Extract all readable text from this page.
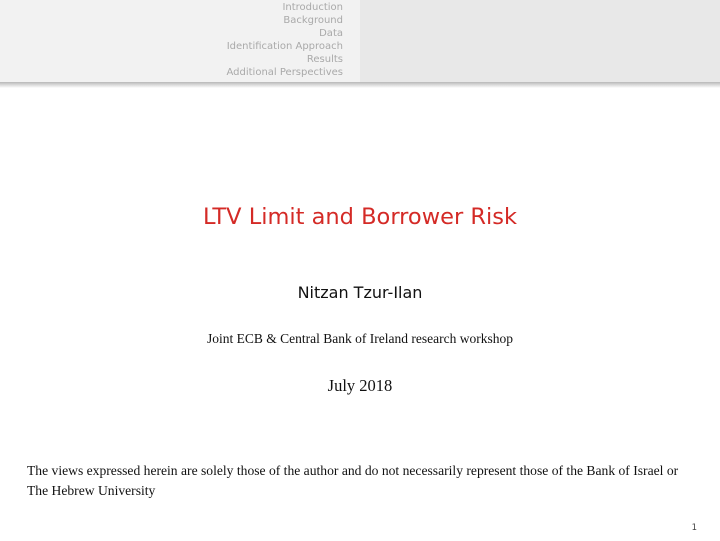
Introduction
Background
Data
Identification Approach
Results
Additional Perspectives
LTV Limit and Borrower Risk
Nitzan Tzur-Ilan
Joint ECB & Central Bank of Ireland research workshop
July 2018
The views expressed herein are solely those of the author and do not necessarily represent those of the Bank of Israel or The Hebrew University
1
